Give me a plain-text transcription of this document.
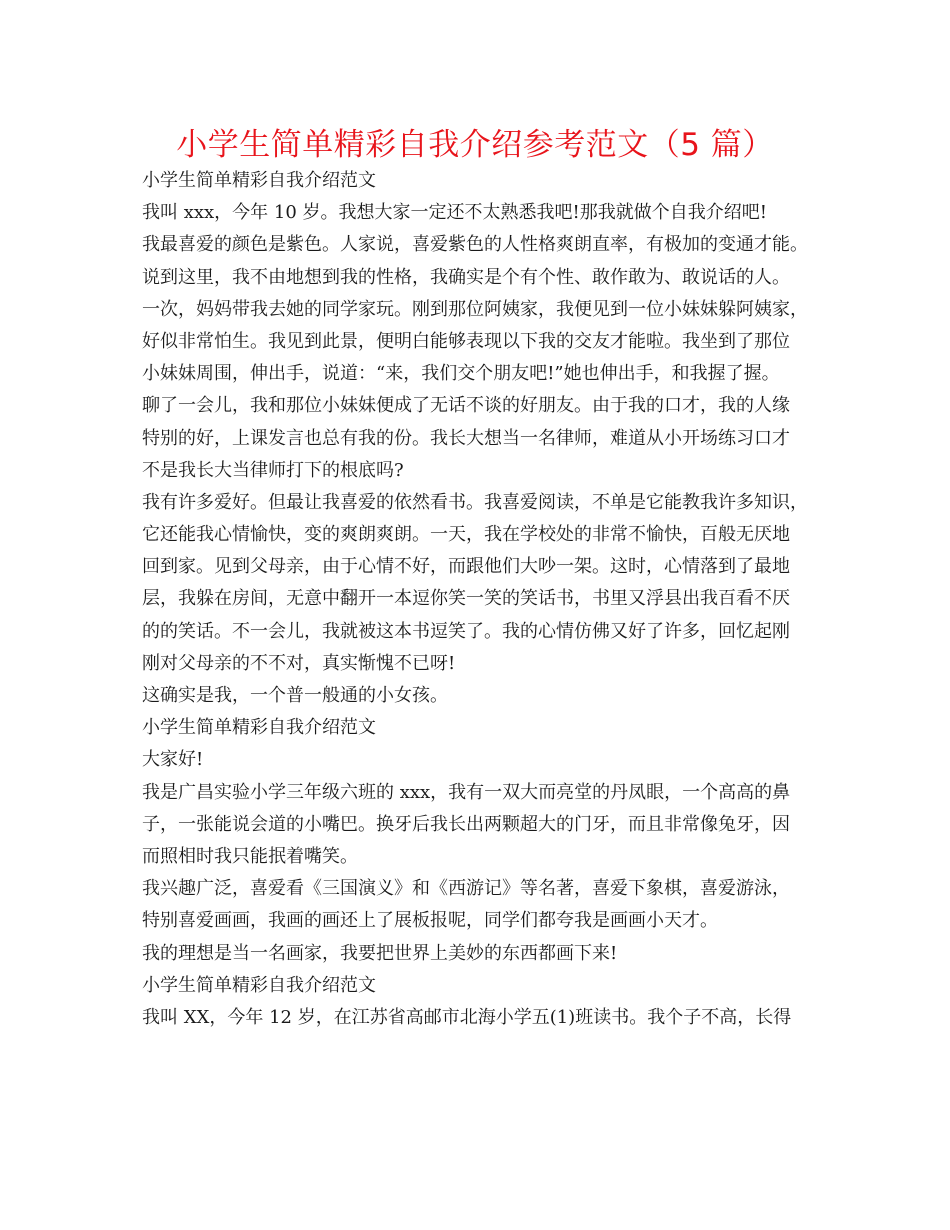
小学生简单精彩自我介绍参考范文（5 篇）
小学生简单精彩自我介绍范文
我叫 xxx，今年 10 岁。我想大家一定还不太熟悉我吧!那我就做个自我介绍吧!
我最喜爱的颜色是紫色。人家说，喜爱紫色的人性格爽朗直率，有极加的变通才能。
说到这里，我不由地想到我的性格，我确实是个有个性、敢作敢为、敢说话的人。
一次，妈妈带我去她的同学家玩。刚到那位阿姨家，我便见到一位小妹妹躲阿姨家，
好似非常怕生。我见到此景，便明白能够表现以下我的交友才能啦。我坐到了那位
小妹妹周围，伸出手，说道：“来，我们交个朋友吧!”她也伸出手，和我握了握。
聊了一会儿，我和那位小妹妹便成了无话不谈的好朋友。由于我的口才，我的人缘
特别的好，上课发言也总有我的份。我长大想当一名律师，难道从小开场练习口才
不是我长大当律师打下的根底吗?
我有许多爱好。但最让我喜爱的依然看书。我喜爱阅读，不单是它能教我许多知识，
它还能我心情愉快，变的爽朗爽朗。一天，我在学校处的非常不愉快，百般无厌地
回到家。见到父母亲，由于心情不好，而跟他们大吵一架。这时，心情落到了最地
层，我躲在房间，无意中翻开一本逗你笑一笑的笑话书，书里又浮县出我百看不厌
的的笑话。不一会儿，我就被这本书逗笑了。我的心情仿佛又好了许多，回忆起刚
刚对父母亲的不不对，真实惭愧不已呀!
这确实是我，一个普一般通的小女孩。
小学生简单精彩自我介绍范文
大家好!
我是广昌实验小学三年级六班的 xxx，我有一双大而亮堂的丹凤眼，一个高高的鼻
子，一张能说会道的小嘴巴。换牙后我长出两颗超大的门牙，而且非常像兔牙，因
而照相时我只能抿着嘴笑。
我兴趣广泛，喜爱看《三国演义》和《西游记》等名著，喜爱下象棋，喜爱游泳，
特别喜爱画画，我画的画还上了展板报呢，同学们都夸我是画画小天才。
我的理想是当一名画家，我要把世界上美妙的东西都画下来!
小学生简单精彩自我介绍范文
我叫 XX，今年 12 岁，在江苏省高邮市北海小学五(1)班读书。我个子不高，长得
